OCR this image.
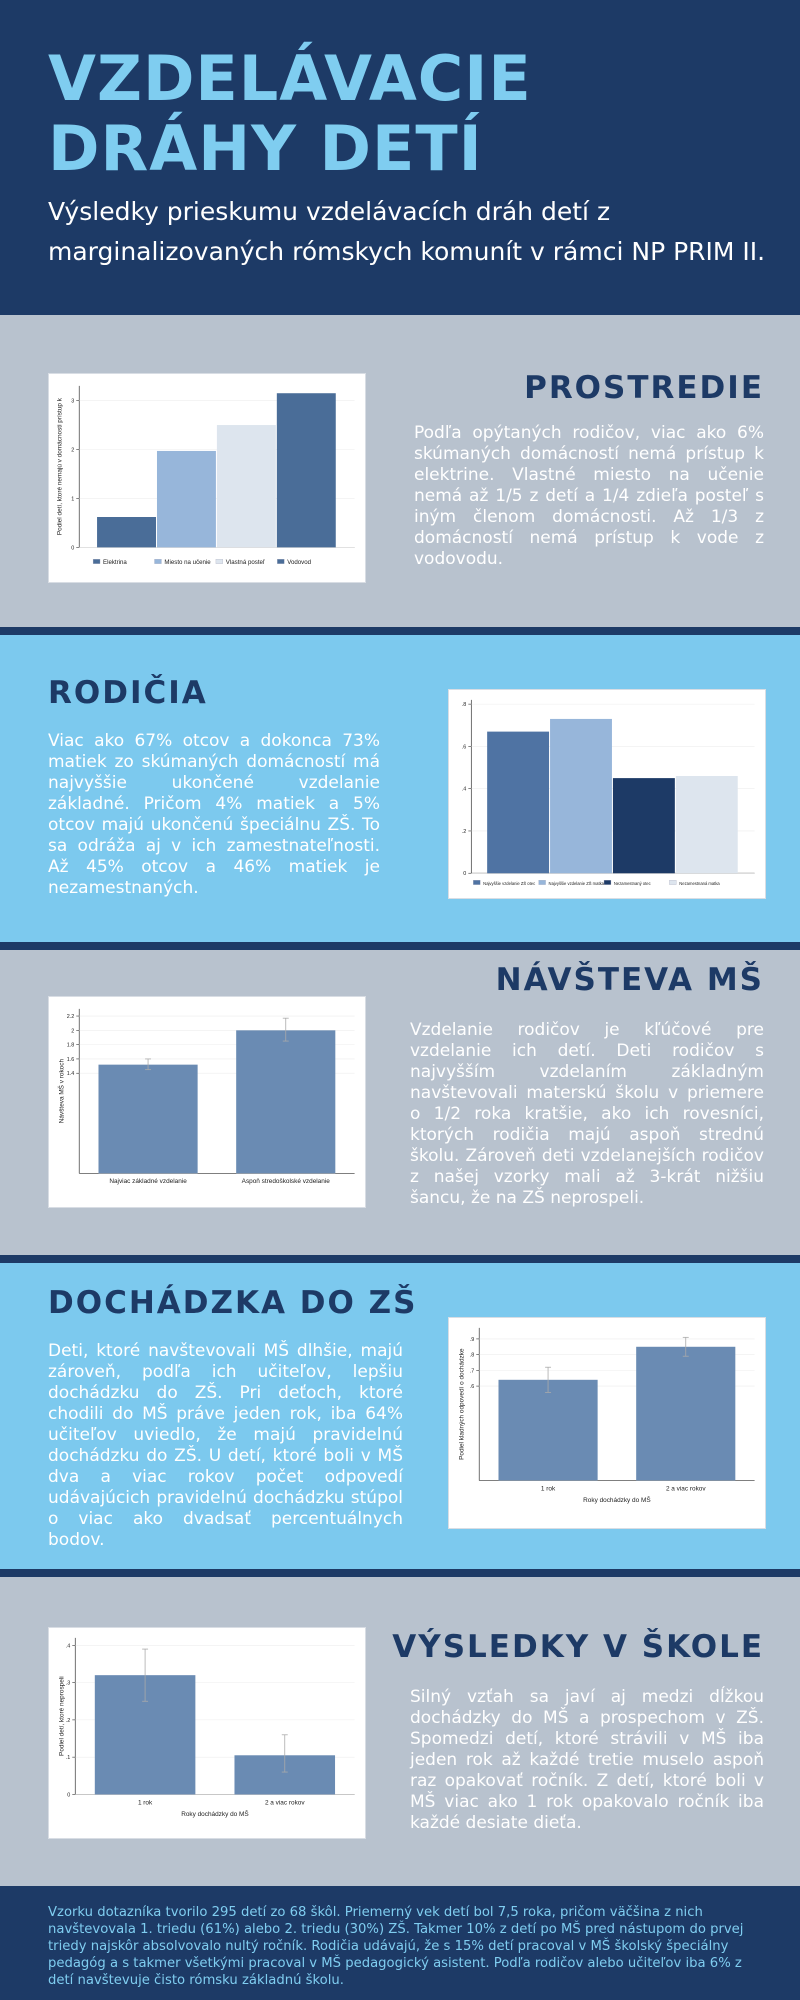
VZDELÁVACIE
DRÁHY DETÍ
Výsledky prieskumu vzdelávacích dráh detí z marginalizovaných rómskych komunít v rámci NP PRIM II.
0
1
2
3
Podiel detí, ktoré nemajú v domácnosti prístup k
Elektrina	Miesto na učenie Vlastná posteľ	Vodovod
PROSTREDIE
Podľa opýtaných rodičov, viac ako 6% skúmaných domácností nemá prístup k elektrine. Vlastné miesto na učenie nemá až 1/5 z detí a 1/4 zdieľa posteľ s iným členom domácnosti. Až 1/3 z domácností nemá prístup k vode z vodovodu.
RODIČIA
Viac ako 67% otcov a dokonca 73% matiek zo skúmaných domácností má najvyššie ukončené vzdelanie základné. Pričom 4% matiek a 5% otcov majú ukončenú špeciálnu ZŠ. To sa odráža aj v ich zamestnateľnosti. Až 45% otcov a 46% matiek je nezamestnaných.
0
.2
.4
.6
.8
Najvyššie vzdelanie ZŠ otec	Najvyššie vzdelanie ZŠ matka Nezamestnaný otec	Nezamestnaná matka
1.4
1.6
1.8
2
2.2
Návšteva MŠ v rokoch
Najviac základné vzdelanie	Aspoň stredoškolské vzdelanie
NÁVŠTEVA MŠ
Vzdelanie rodičov je kľúčové pre vzdelanie ich detí. Deti rodičov s najvyšším vzdelaním základným navštevovali materskú školu v priemere o 1/2 roka kratšie, ako ich rovesníci, ktorých rodičia majú aspoň strednú školu. Zároveň deti vzdelanejších rodičov z našej vzorky mali až 3-krát nižšiu šancu, že na ZŠ neprospeli.
DOCHÁDZKA DO ZŠ
Deti, ktoré navštevovali MŠ dlhšie, majú zároveň, podľa ich učiteľov, lepšiu dochádzku do ZŠ. Pri deťoch, ktoré chodili do MŠ práve jeden rok, iba 64% učiteľov uviedlo, že majú pravidelnú dochádzku do ZŠ. U detí, ktoré boli v MŠ dva a viac rokov počet odpovedí udávajúcich pravidelnú dochádzku stúpol o viac ako dvadsať percentuálnych bodov.
.6
.7
.8
.9
Podiel kladných odpovedí o dochádzke
1 rok	2 a viac rokov
Roky dochádzky do MŠ
0
.1
.2
.3
.4
Podiel detí, ktoré neprospeli
1 rok	2 a viac rokov
Roky dochádzky do MŠ
VÝSLEDKY V ŠKOLE
Silný vzťah sa javí aj medzi dĺžkou dochádzky do MŠ a prospechom v ZŠ. Spomedzi detí, ktoré strávili v MŠ iba jeden rok až každé tretie muselo aspoň raz opakovať ročník. Z detí, ktoré boli v MŠ viac ako 1 rok opakovalo ročník iba každé desiate dieťa.
Vzorku dotazníka tvorilo 295 detí zo 68 škôl. Priemerný vek detí bol 7,5 roka, pričom väčšina z nich navštevovala 1. triedu (61%) alebo 2. triedu (30%) ZŠ. Takmer 10% z detí po MŠ pred nástupom do prvej triedy najskôr absolvovalo nultý ročník. Rodičia udávajú, že s 15% detí pracoval v MŠ školský špeciálny pedagóg a s takmer všetkými pracoval v MŠ pedagogický asistent. Podľa rodičov alebo učiteľov iba 6% z detí navštevuje čisto rómsku základnú školu.
